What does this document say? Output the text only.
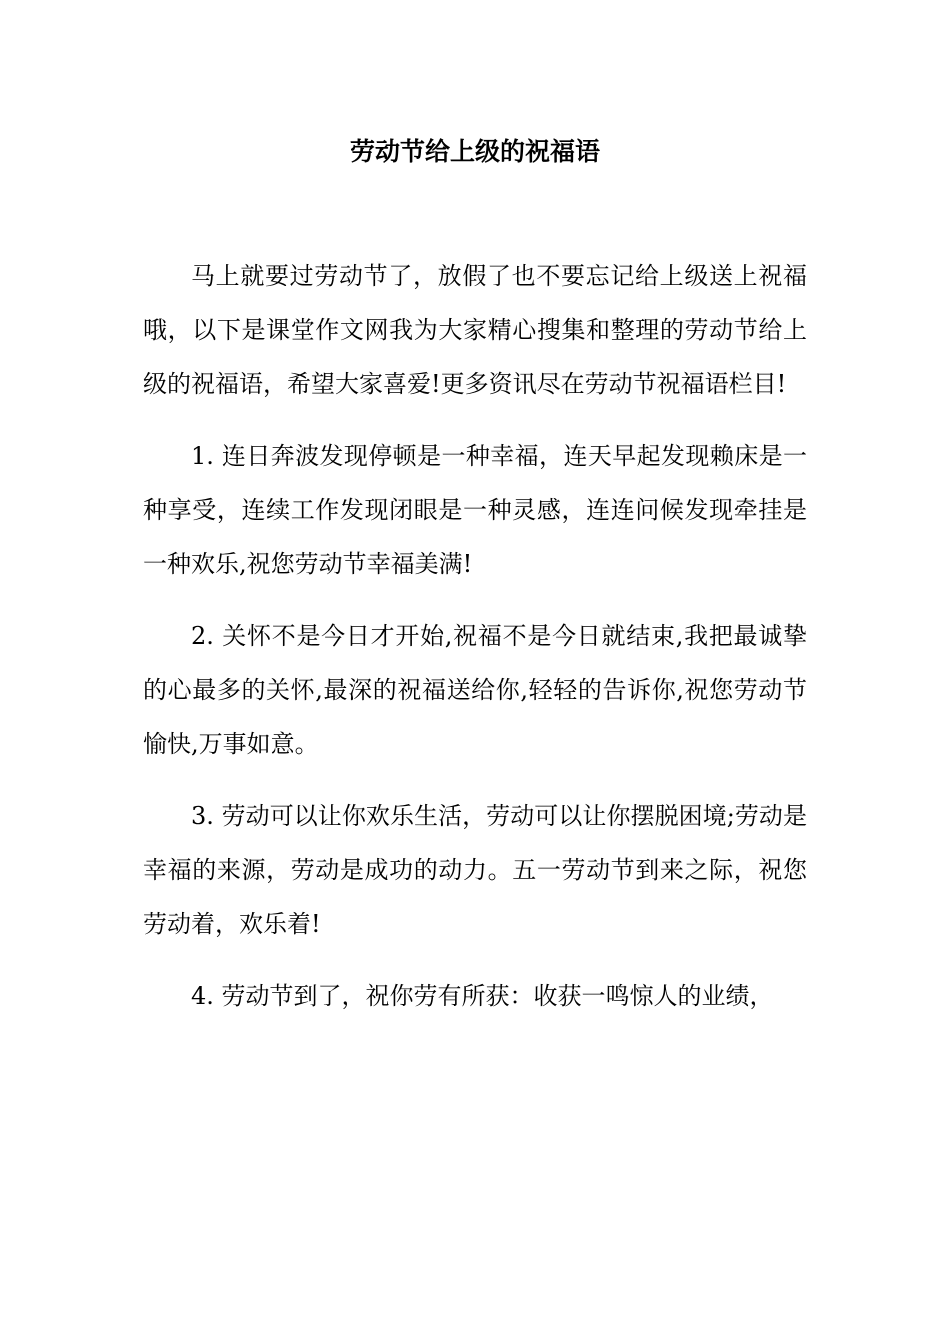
劳动节给上级的祝福语

马上就要过劳动节了，放假了也不要忘记给上级送上祝福哦，以下是课堂作文网我为大家精心搜集和整理的劳动节给上级的祝福语，希望大家喜爱!更多资讯尽在劳动节祝福语栏目!

1. 连日奔波发现停顿是一种幸福，连天早起发现赖床是一种享受，连续工作发现闭眼是一种灵感，连连问候发现牵挂是一种欢乐,祝您劳动节幸福美满!

2. 关怀不是今日才开始,祝福不是今日就结束,我把最诚挚的心最多的关怀,最深的祝福送给你,轻轻的告诉你,祝您劳动节愉快,万事如意。

3. 劳动可以让你欢乐生活，劳动可以让你摆脱困境;劳动是幸福的来源，劳动是成功的动力。五一劳动节到来之际，祝您劳动着，欢乐着!

4. 劳动节到了，祝你劳有所获：收获一鸣惊人的业绩，
